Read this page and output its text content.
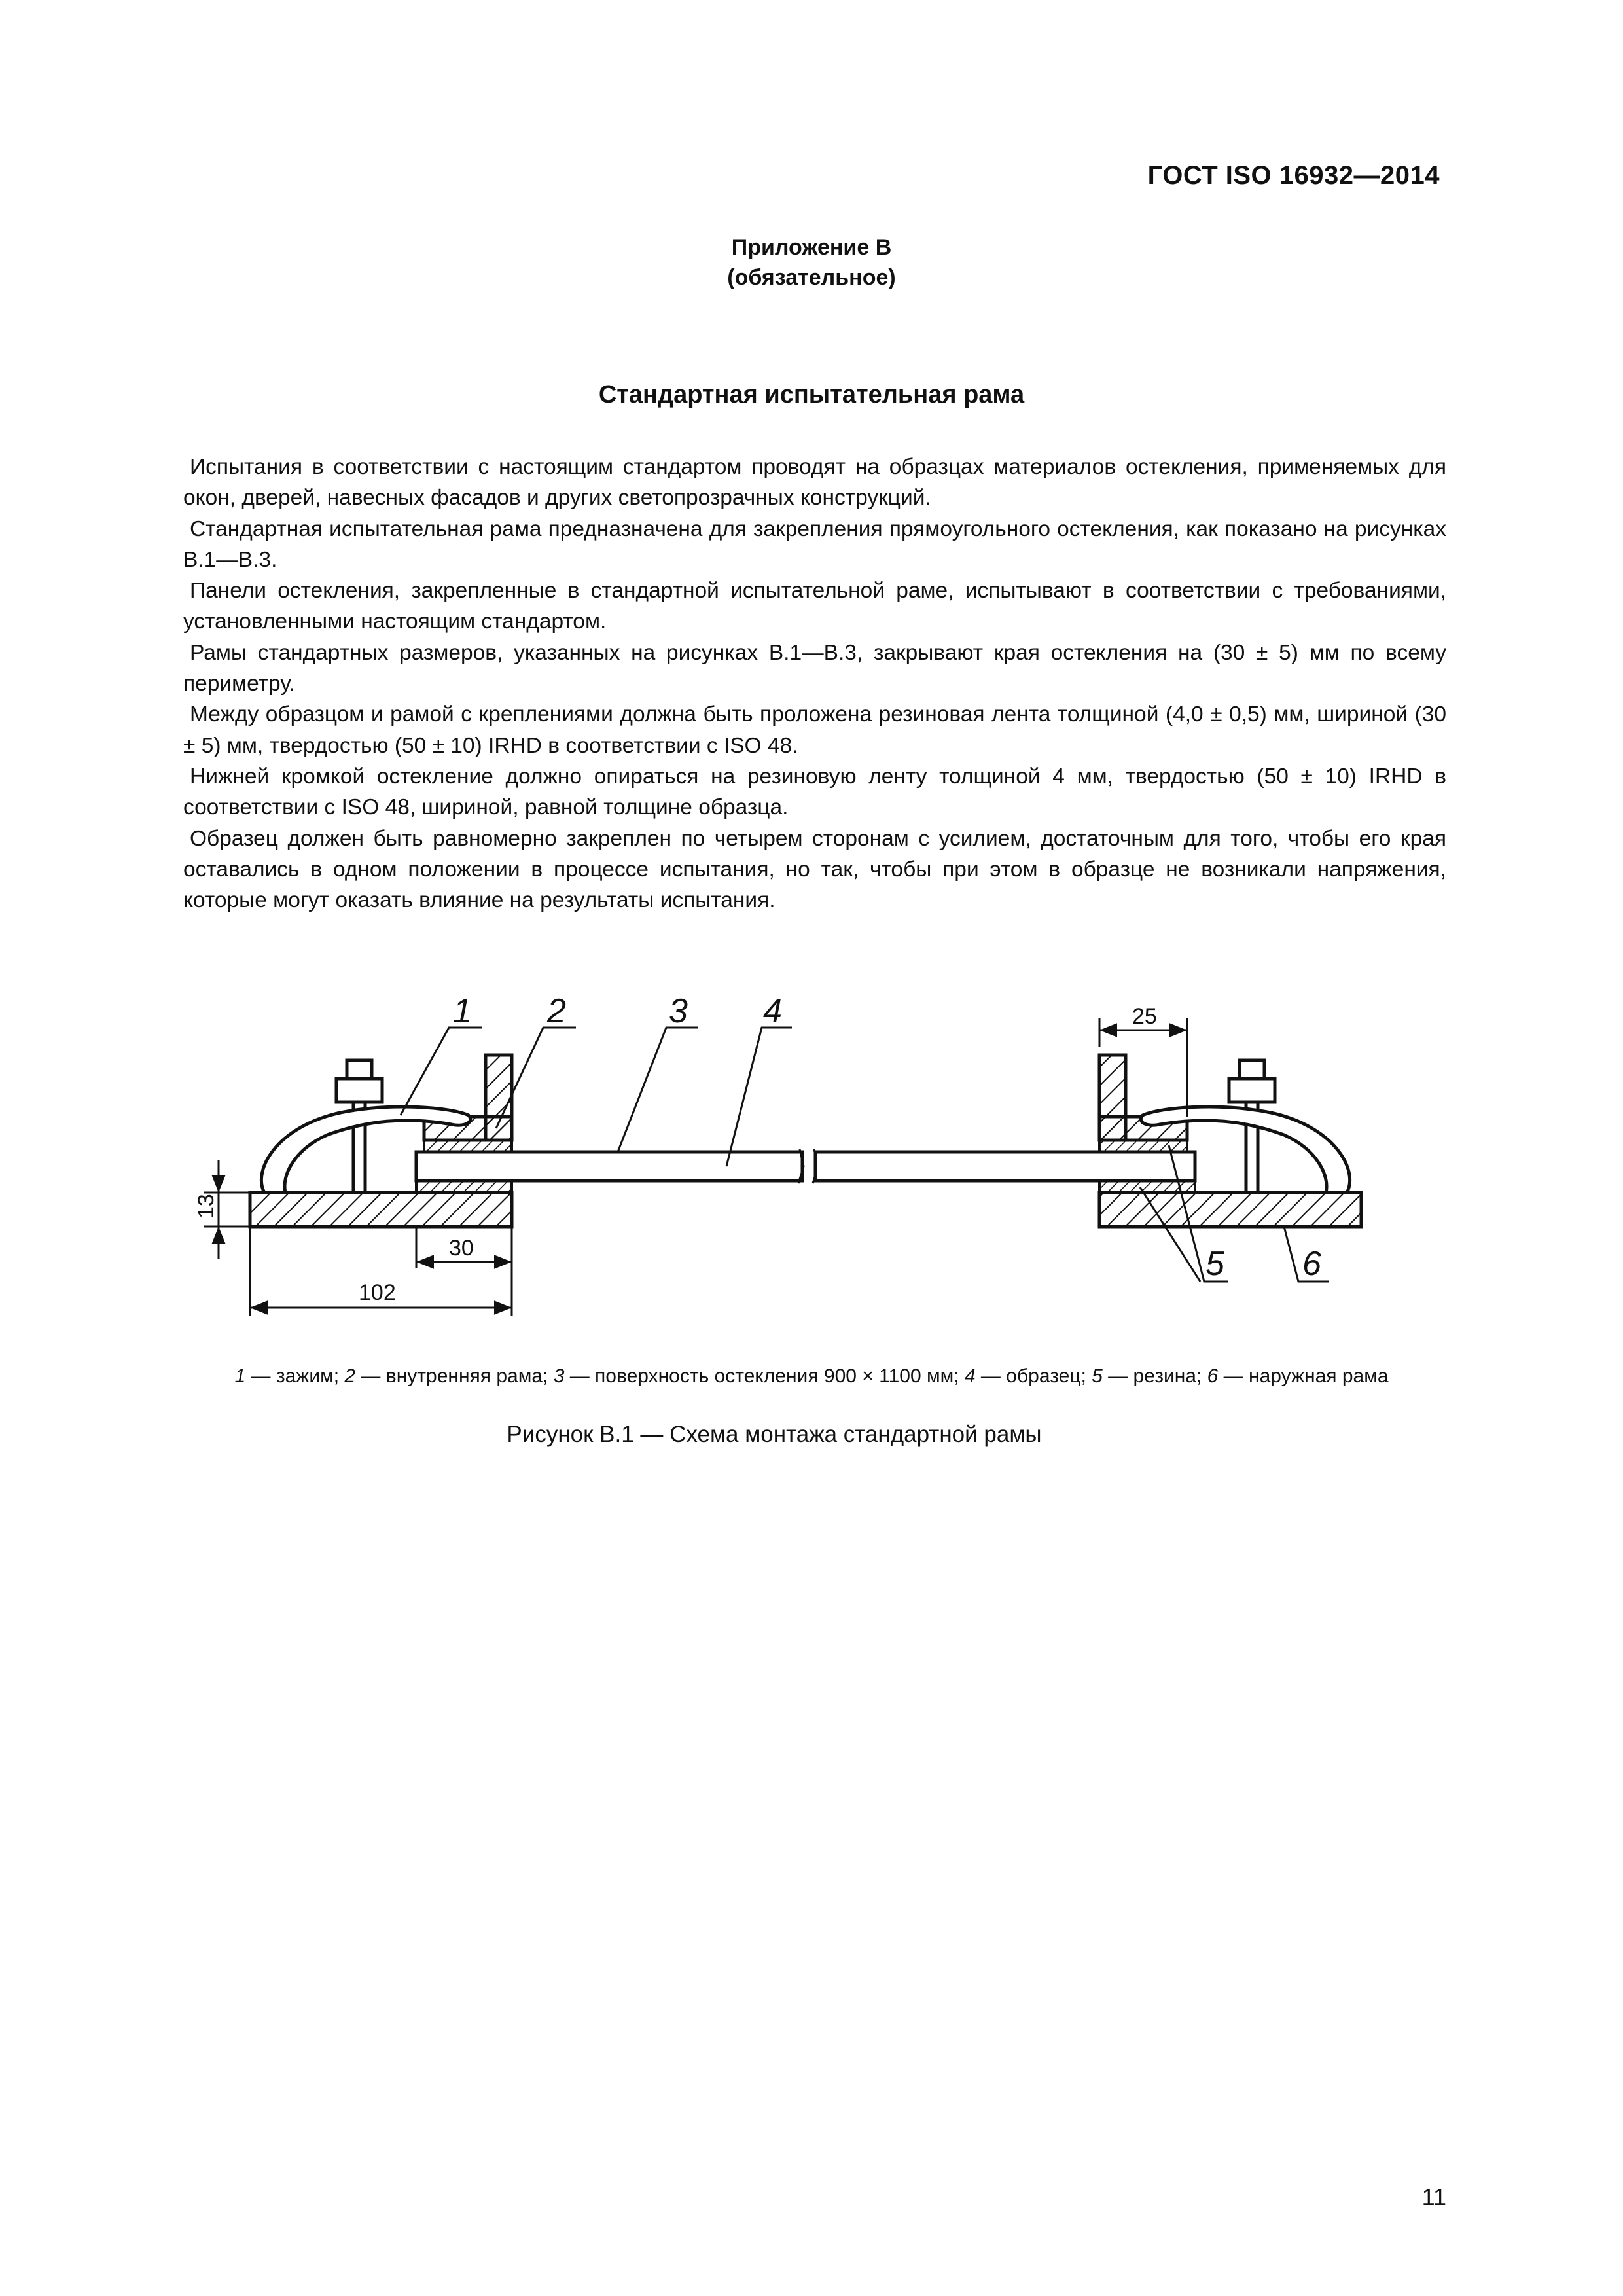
ГОСТ ISO 16932—2014
Приложение В
(обязательное)
Стандартная испытательная рама

Испытания в соответствии с настоящим стандартом проводят на образцах материалов остекления, применяемых для окон, дверей, навесных фасадов и других светопрозрачных конструкций.

Стандартная испытательная рама предназначена для закрепления прямоугольного остекления, как показано на рисунках В.1—В.3.

Панели остекления, закрепленные в стандартной испытательной раме, испытывают в соответствии с требованиями, установленными настоящим стандартом.

Рамы стандартных размеров, указанных на рисунках В.1—В.3, закрывают края остекления на (30 ± 5) мм по всему периметру.

Между образцом и рамой с креплениями должна быть проложена резиновая лента толщиной (4,0 ± 0,5) мм, шириной (30 ± 5) мм, твердостью (50 ± 10) IRHD в соответствии с ISO 48.

Нижней кромкой остекление должно опираться на резиновую ленту толщиной 4 мм, твердостью (50 ± 10) IRHD в соответствии с ISO 48, шириной, равной толщине образца.

Образец должен быть равномерно закреплен по четырем сторонам с усилием, достаточным для того, чтобы его края оставались в одном положении в процессе испытания, но так, чтобы при этом в образце не возникали напряжения, которые могут оказать влияние на результаты испытания.

1 2	3 4
5 6
13
30
102
25
1 — зажим; 2 — внутренняя рама; 3 — поверхность остекления 900 × 1100 мм; 4 — образец; 5 — резина; 6 — наружная рама
Рисунок В.1 — Схема монтажа стандартной рамы
11
